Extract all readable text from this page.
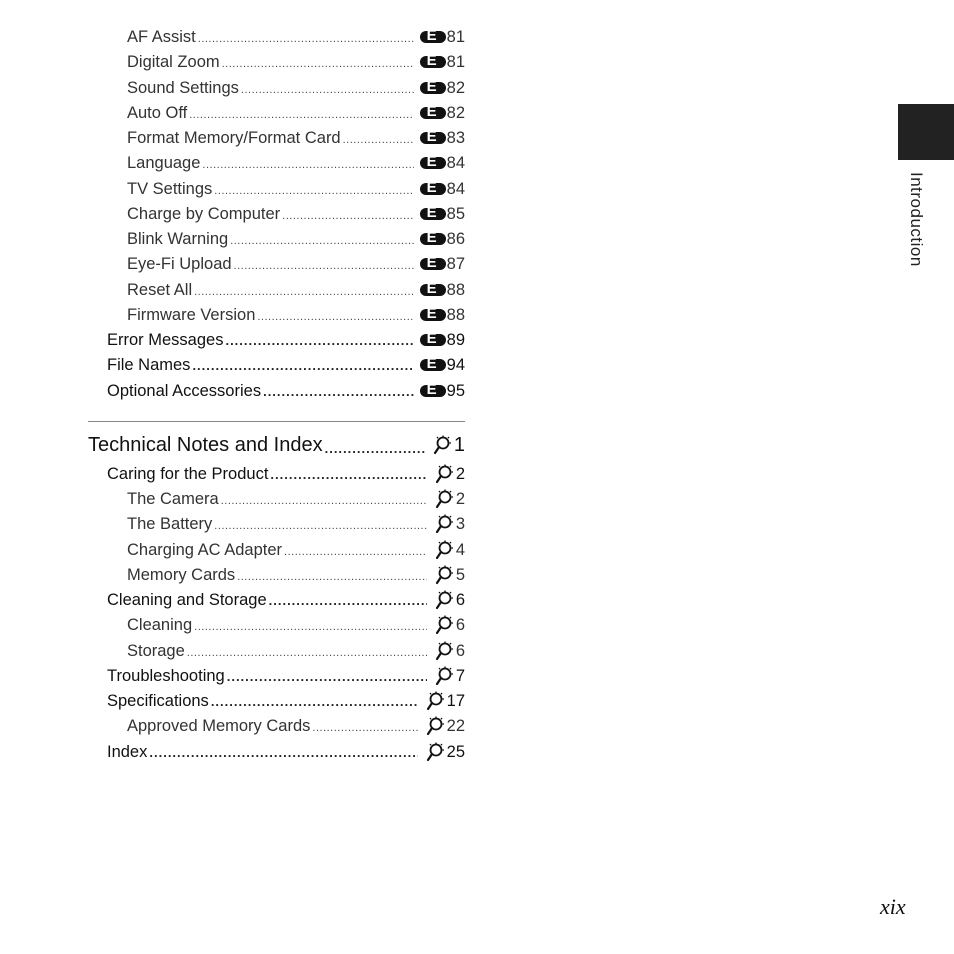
AF Assist ..... E	81
Digital Zoom ..... E	81
Sound Settings ..... E	82
Auto Off ..... E	82
Format Memory/Format Card ..... E	83
Language ..... E	84
TV Settings ..... E	84
Charge by Computer ..... E	85
Blink Warning ..... E	86
Eye-Fi Upload ..... E	87
Reset All ..... E	88
Firmware Version ..... E	88
Error Messages ..... E	89
File Names ..... E	94
Optional Accessories ..... E	95
Technical Notes and Index .....	1
Caring for the Product .....	2
The Camera .....	2
The Battery .....	3
Charging AC Adapter .....	4
Memory Cards .....	5
Cleaning and Storage .....	6
Cleaning .....	6
Storage .....	6
Troubleshooting .....	7
Specifications .....	17
Approved Memory Cards .....	22
Index .....	25
Introduction
xix
